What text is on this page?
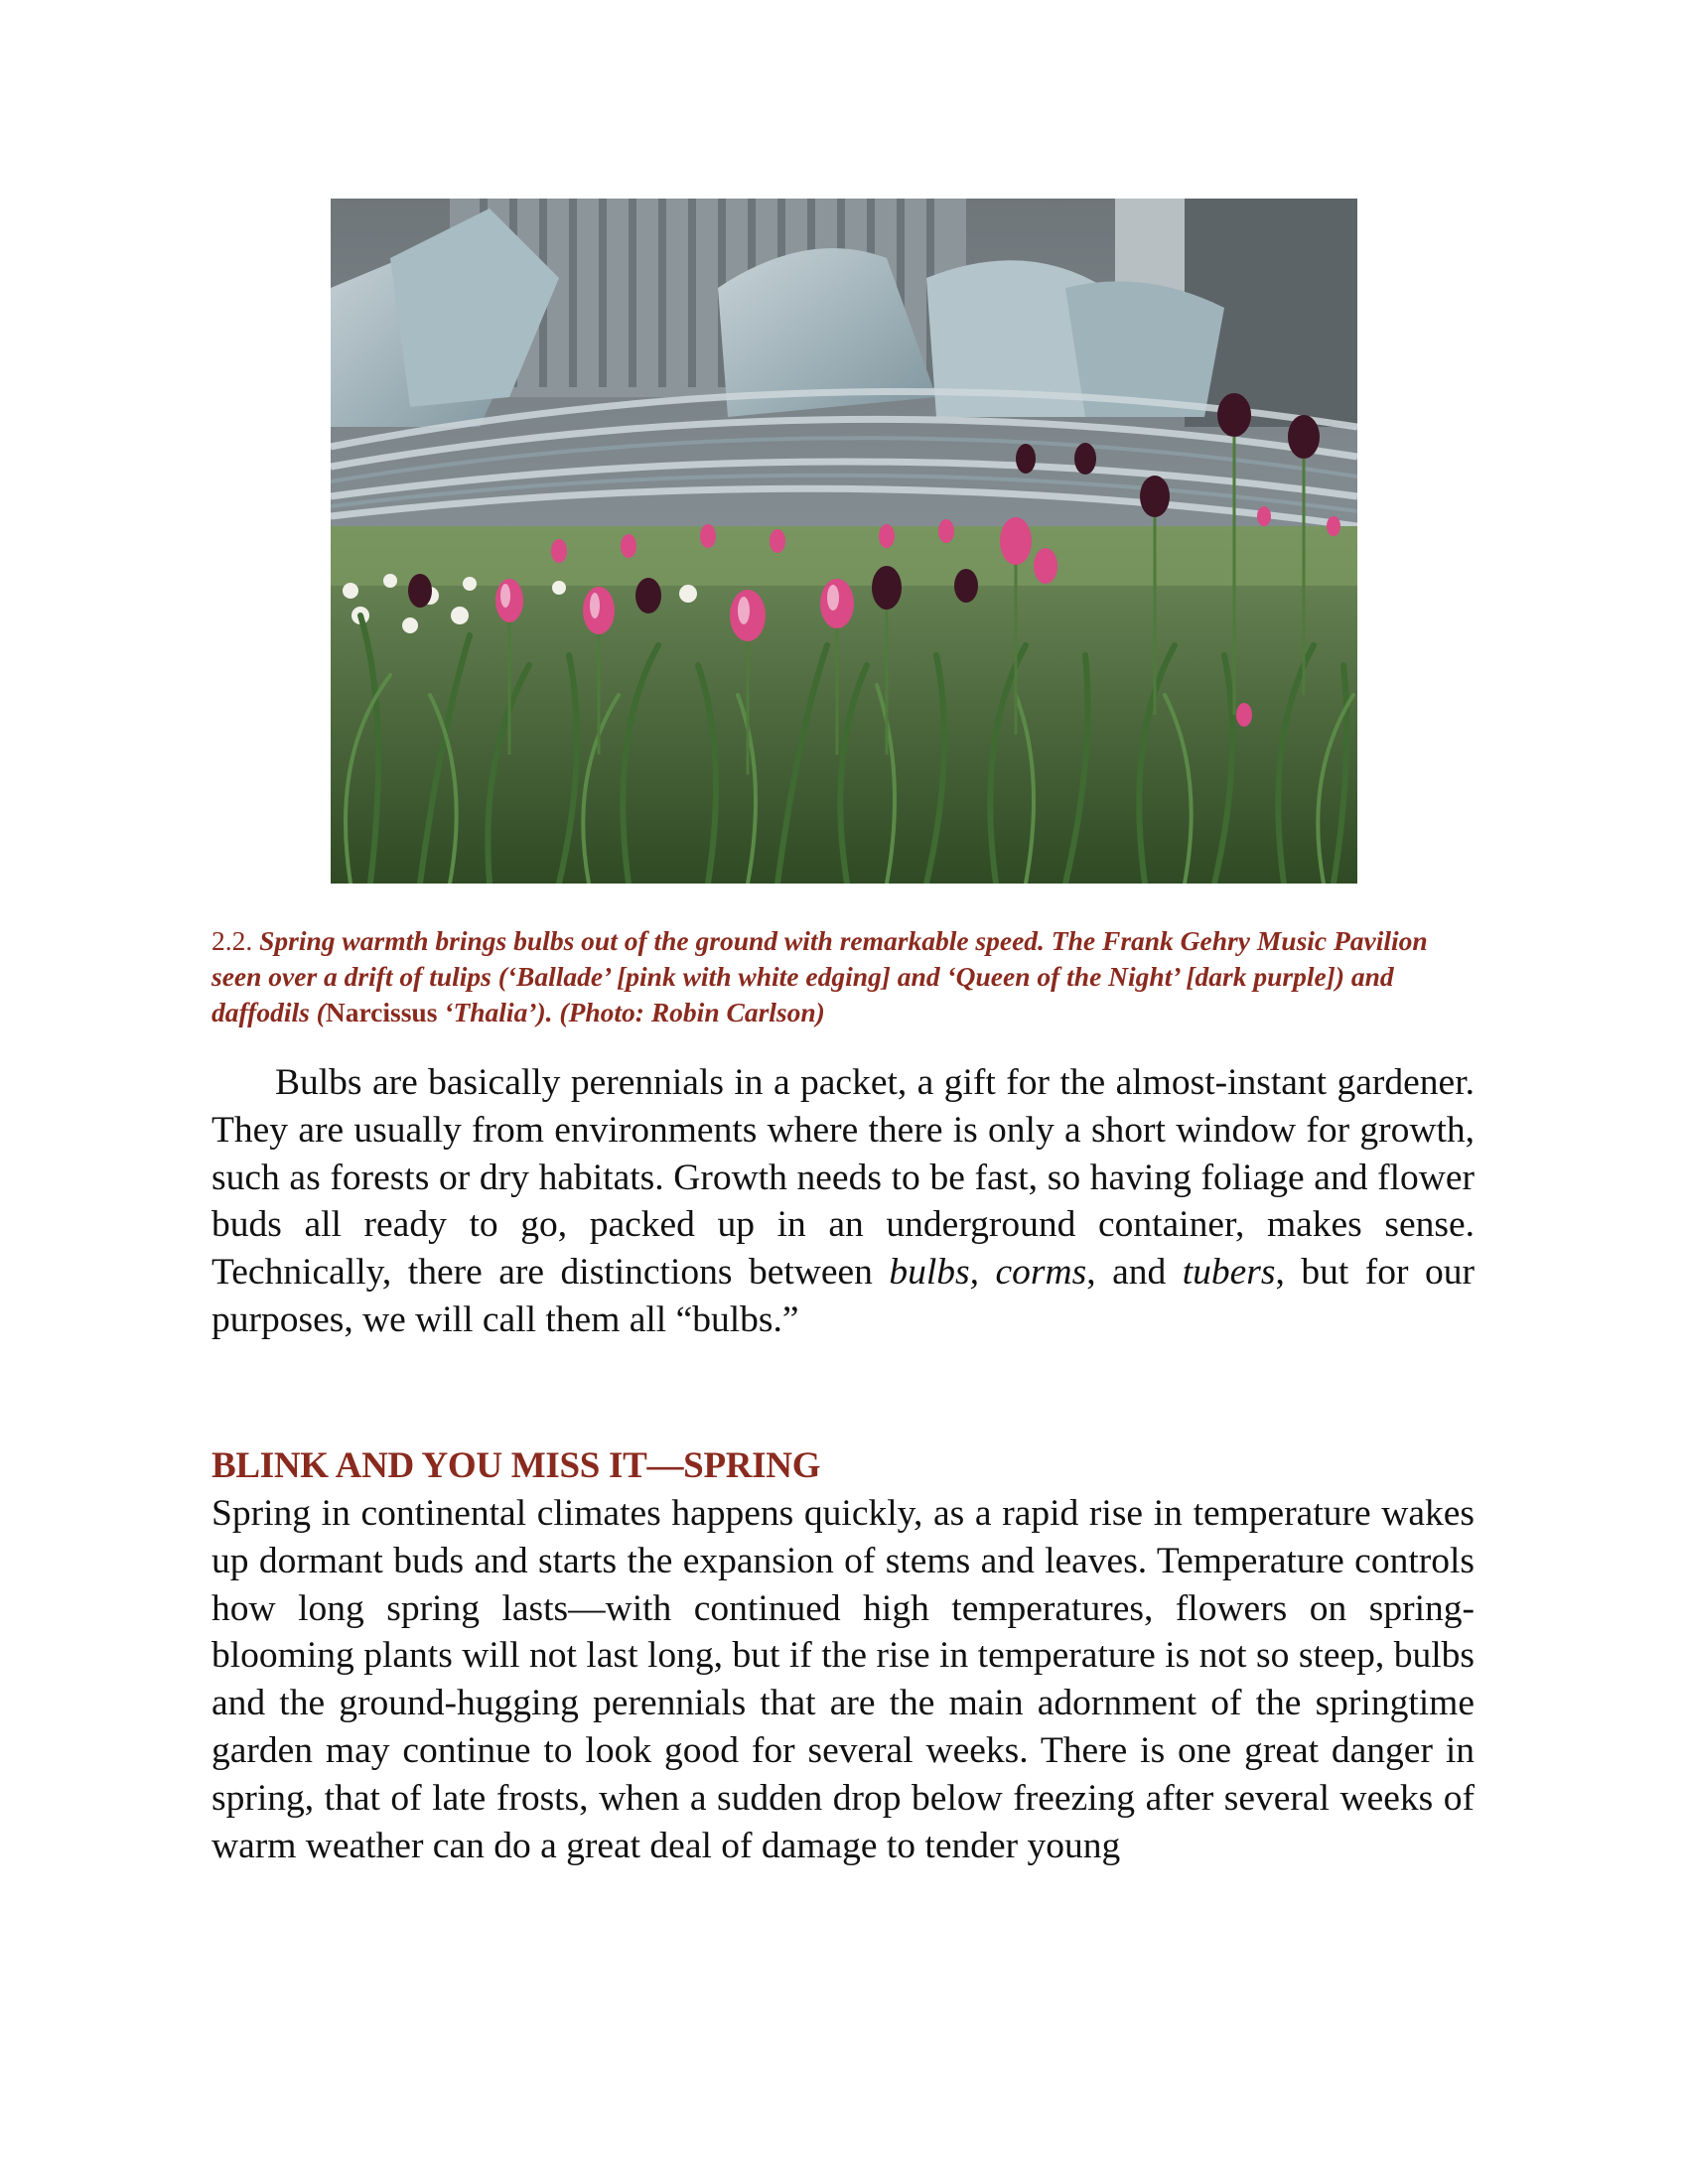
2.2. Spring warmth brings bulbs out of the ground with remarkable speed. The Frank Gehry Music Pavilion seen over a drift of tulips (‘Ballade’ [pink with white edging] and ‘Queen of the Night’ [dark purple]) and daffodils (Narcissus ‘Thalia’). (Photo: Robin Carlson)

Bulbs are basically perennials in a packet, a gift for the almost-instant gardener. They are usually from environments where there is only a short window for growth, such as forests or dry habitats. Growth needs to be fast, so having foliage and flower buds all ready to go, packed up in an underground container, makes sense. Technically, there are distinctions between bulbs, corms, and tubers, but for our purposes, we will call them all “bulbs.”

BLINK AND YOU MISS IT—SPRING

Spring in continental climates happens quickly, as a rapid rise in temperature wakes up dormant buds and starts the expansion of stems and leaves. Temperature controls how long spring lasts—with continued high temperatures, flowers on spring-blooming plants will not last long, but if the rise in temperature is not so steep, bulbs and the ground-hugging perennials that are the main adornment of the springtime garden may continue to look good for several weeks. There is one great danger in spring, that of late frosts, when a sudden drop below freezing after several weeks of warm weather can do a great deal of damage to tender young
